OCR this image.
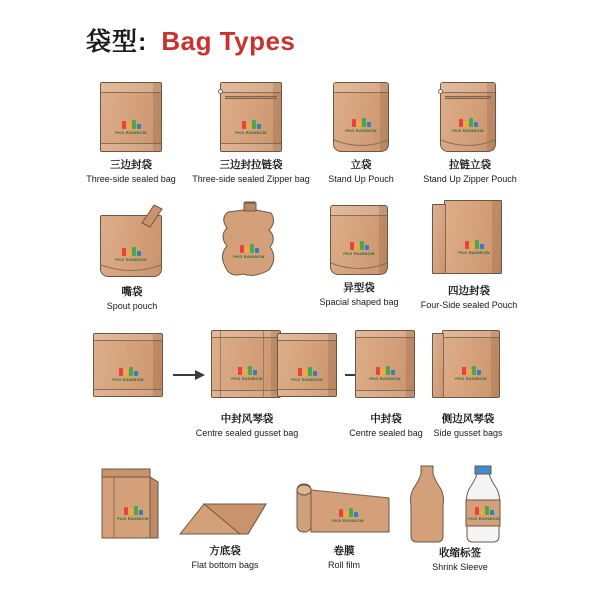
袋型: Bag Types
PKG RAINBOW
三边封袋
Three-side sealed bag
PKG RAINBOW
三边封拉链袋
Three-side sealed Zipper bag
PKG RAINBOW
立袋
Stand Up Pouch
PKG RAINBOW
拉链立袋
Stand Up Zipper Pouch
PKG RAINBOW
嘴袋
Spout pouch
PKG RAINBOW
PKG RAINBOW
异型袋
Spacial shaped bag
PKG RAINBOW
四边封袋
Four-Side sealed Pouch
PKG RAINBOW	PKG RAINBOW
中封风琴袋
Centre sealed gusset bag
PKG RAINBOW	PKG RAINBOW
中封袋
Centre sealed bag
PKG RAINBOW
侧边风琴袋
Side gusset bags
PKG RAINBOW
方底袋
Flat bottom bags
PKG RAINBOW
卷膜
Roll film
PKG RAINBOW
收缩标签
Shrink Sleeve
